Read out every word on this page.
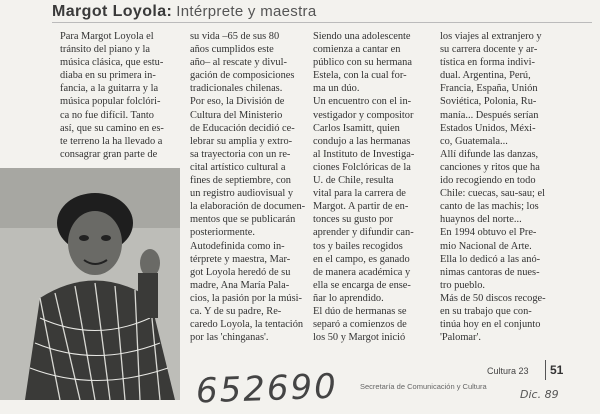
Margot Loyola: Intérprete y maestra

Para Margot Loyola el

tránsito del piano y la

música clásica, que estu-

diaba en su primera in-

fancia, a la guitarra y la

música popular folclóri-

ca no fue difícil. Tanto

así, que su camino en es-

te terreno la ha llevado a

consagrar gran parte de

su vida –65 de sus 80

años cumplidos este

año– al rescate y divul-

gación de composiciones

tradicionales chilenas.

Por eso, la División de

Cultura del Ministerio

de Educación decidió ce-

lebrar su amplia y extro-

sa trayectoria con un re-

cital artístico cultural a

fines de septiembre, con

un registro audiovisual y

la elaboración de documen-

mentos que se publicarán

posteriormente.

Autodefinida como in-

térprete y maestra, Mar-

got Loyola heredó de su

madre, Ana María Pala-

cios, la pasión por la músi-

ca. Y de su padre, Re-

caredo Loyola, la tentación

por las 'chinganas'.

Siendo una adolescente

comienza a cantar en

público con su hermana

Estela, con la cual for-

ma un dúo.

Un encuentro con el in-

vestigador y compositor

Carlos Isamitt, quien

condujo a las hermanas

al Instituto de Investiga-

ciones Folclóricas de la

U. de Chile, resulta

vital para la carrera de

Margot. A partir de en-

tonces su gusto por

aprender y difundir can-

tos y bailes recogidos

en el campo, es ganado

de manera académica y

ella se encarga de ense-

ñar lo aprendido.

El dúo de hermanas se

separó a comienzos de

los 50 y Margot inició

los viajes al extranjero y

su carrera docente y ar-

tística en forma indivi-

dual. Argentina, Perú,

Francia, España, Unión

Soviética, Polonia, Ru-

manía... Después serían

Estados Unidos, Méxi-

co, Guatemala...

Allí difunde las danzas,

canciones y ritos que ha

ido recogiendo en todo

Chile: cuecas, sau-sau; el

canto de las machis; los

huaynos del norte...

En 1994 obtuvo el Pre-

mio Nacional de Arte.

Ella lo dedicó a las anó-

nimas cantoras de nues-

tro pueblo.

Más de 50 discos recoge-

en su trabajo que con-

tinúa hoy en el conjunto

'Palomar'.

652690	Dic. 89
Secretaría de Comunicación y Cultura
Cultura 23 51
